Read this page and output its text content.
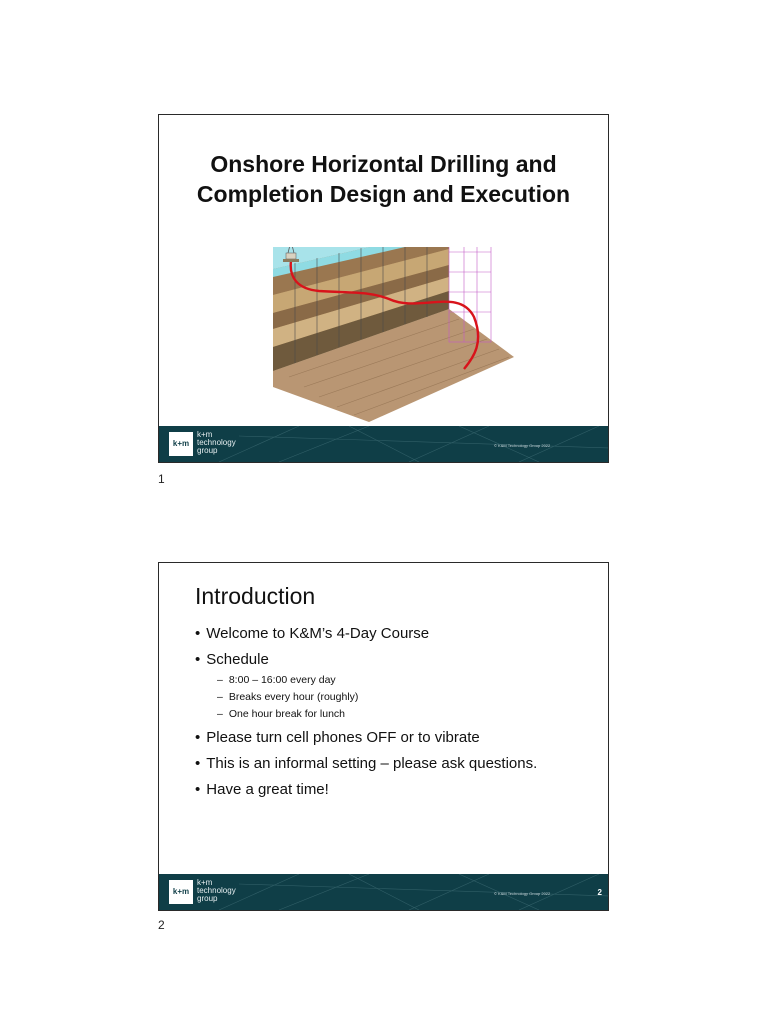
Onshore Horizontal Drilling and
Completion Design and Execution
k+m
k+m
technology
group
© K&M Technology Group 2022
1
Introduction
• Welcome to K&M’s 4-Day Course
• Schedule
– 8:00 – 16:00 every day
– Breaks every hour (roughly)
– One hour break for lunch
• Please turn cell phones OFF or to vibrate
• This is an informal setting – please ask questions.
• Have a great time!
k+m
k+m
technology
group
© K&M Technology Group 2022	2
2
